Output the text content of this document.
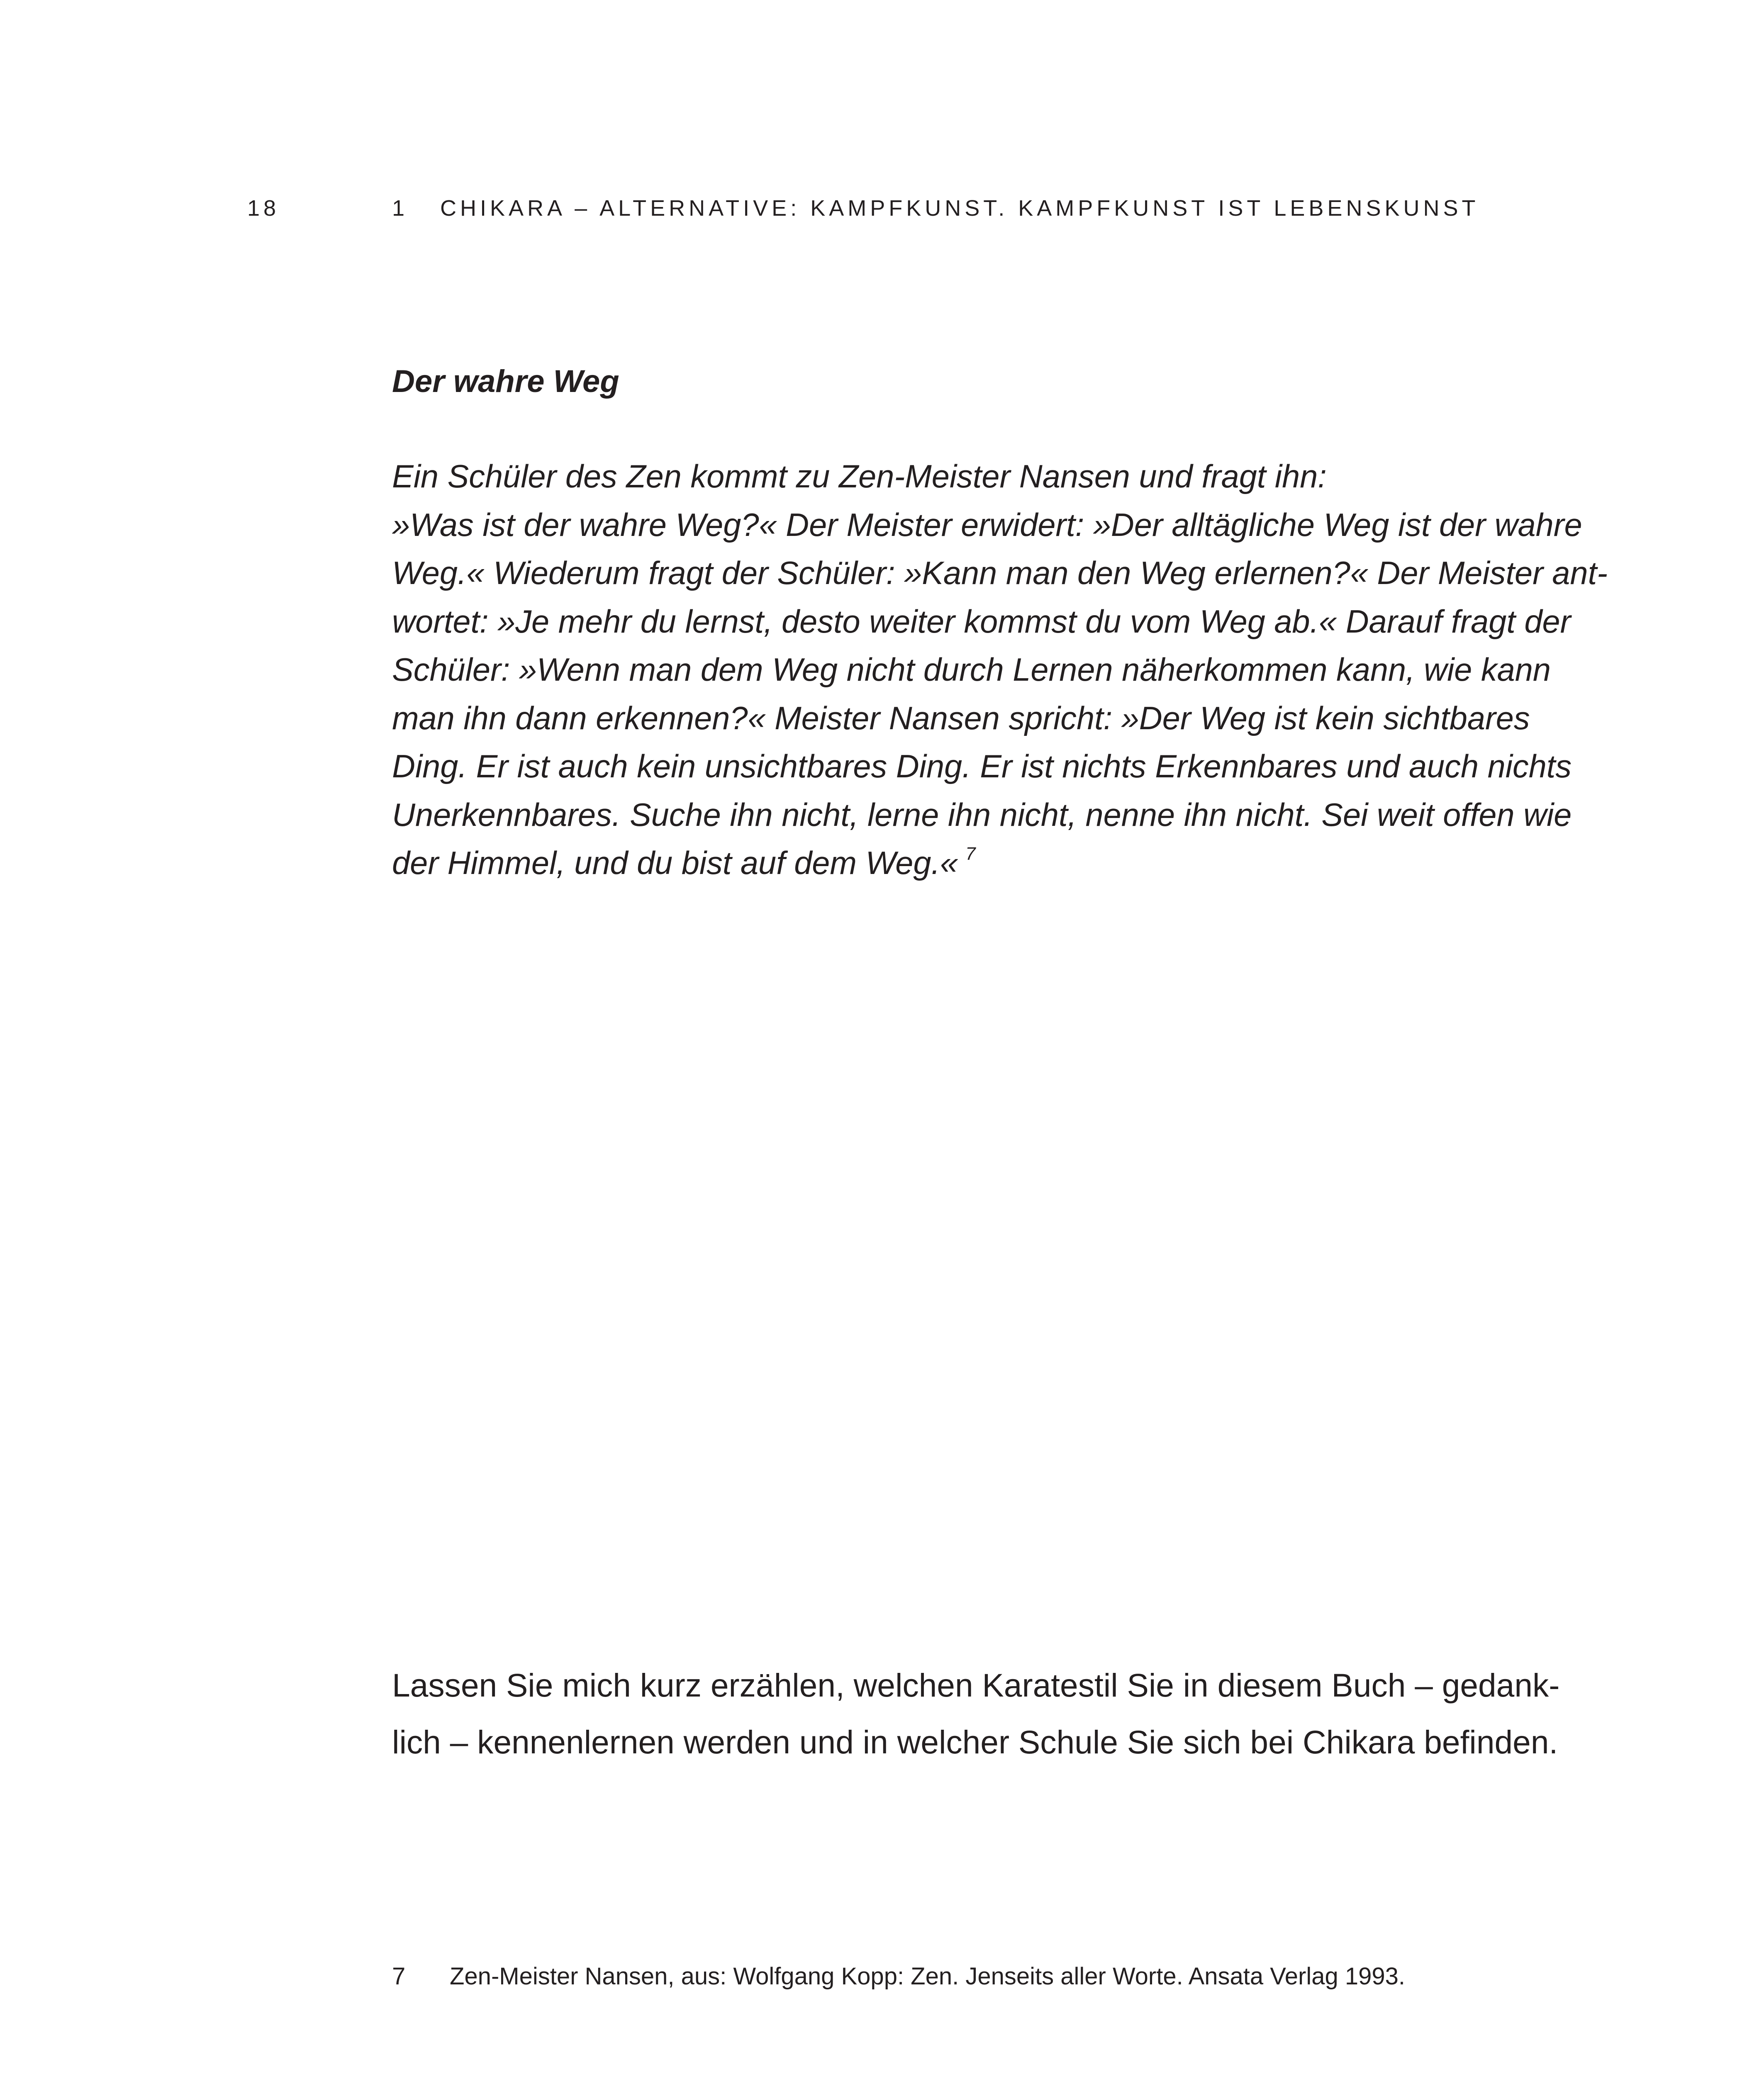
18	1 CHIKARA – ALTERNATIVE: KAMPFKUNST. KAMPFKUNST IST LEBENSKUNST
Der wahre Weg
Ein Schüler des Zen kommt zu Zen-Meister Nansen und fragt ihn:
»Was ist der wahre Weg?« Der Meister erwidert: »Der alltägliche Weg ist der wahre
Weg.« Wiederum fragt der Schüler: »Kann man den Weg erlernen?« Der Meister ant-
wortet: »Je mehr du lernst, desto weiter kommst du vom Weg ab.« Darauf fragt der
Schüler: »Wenn man dem Weg nicht durch Lernen näherkommen kann, wie kann
man ihn dann erkennen?« Meister Nansen spricht: »Der Weg ist kein sichtbares
Ding. Er ist auch kein unsichtbares Ding. Er ist nichts Erkennbares und auch nichts
Unerkennbares. Suche ihn nicht, lerne ihn nicht, nenne ihn nicht. Sei weit offen wie
der Himmel, und du bist auf dem Weg.« $^7$
Lassen Sie mich kurz erzählen, welchen Karatestil Sie in diesem Buch – gedank-
lich – kennenlernen werden und in welcher Schule Sie sich bei Chikara befinden.
7 Zen-Meister Nansen, aus: Wolfgang Kopp: Zen. Jenseits aller Worte. Ansata Verlag 1993.
